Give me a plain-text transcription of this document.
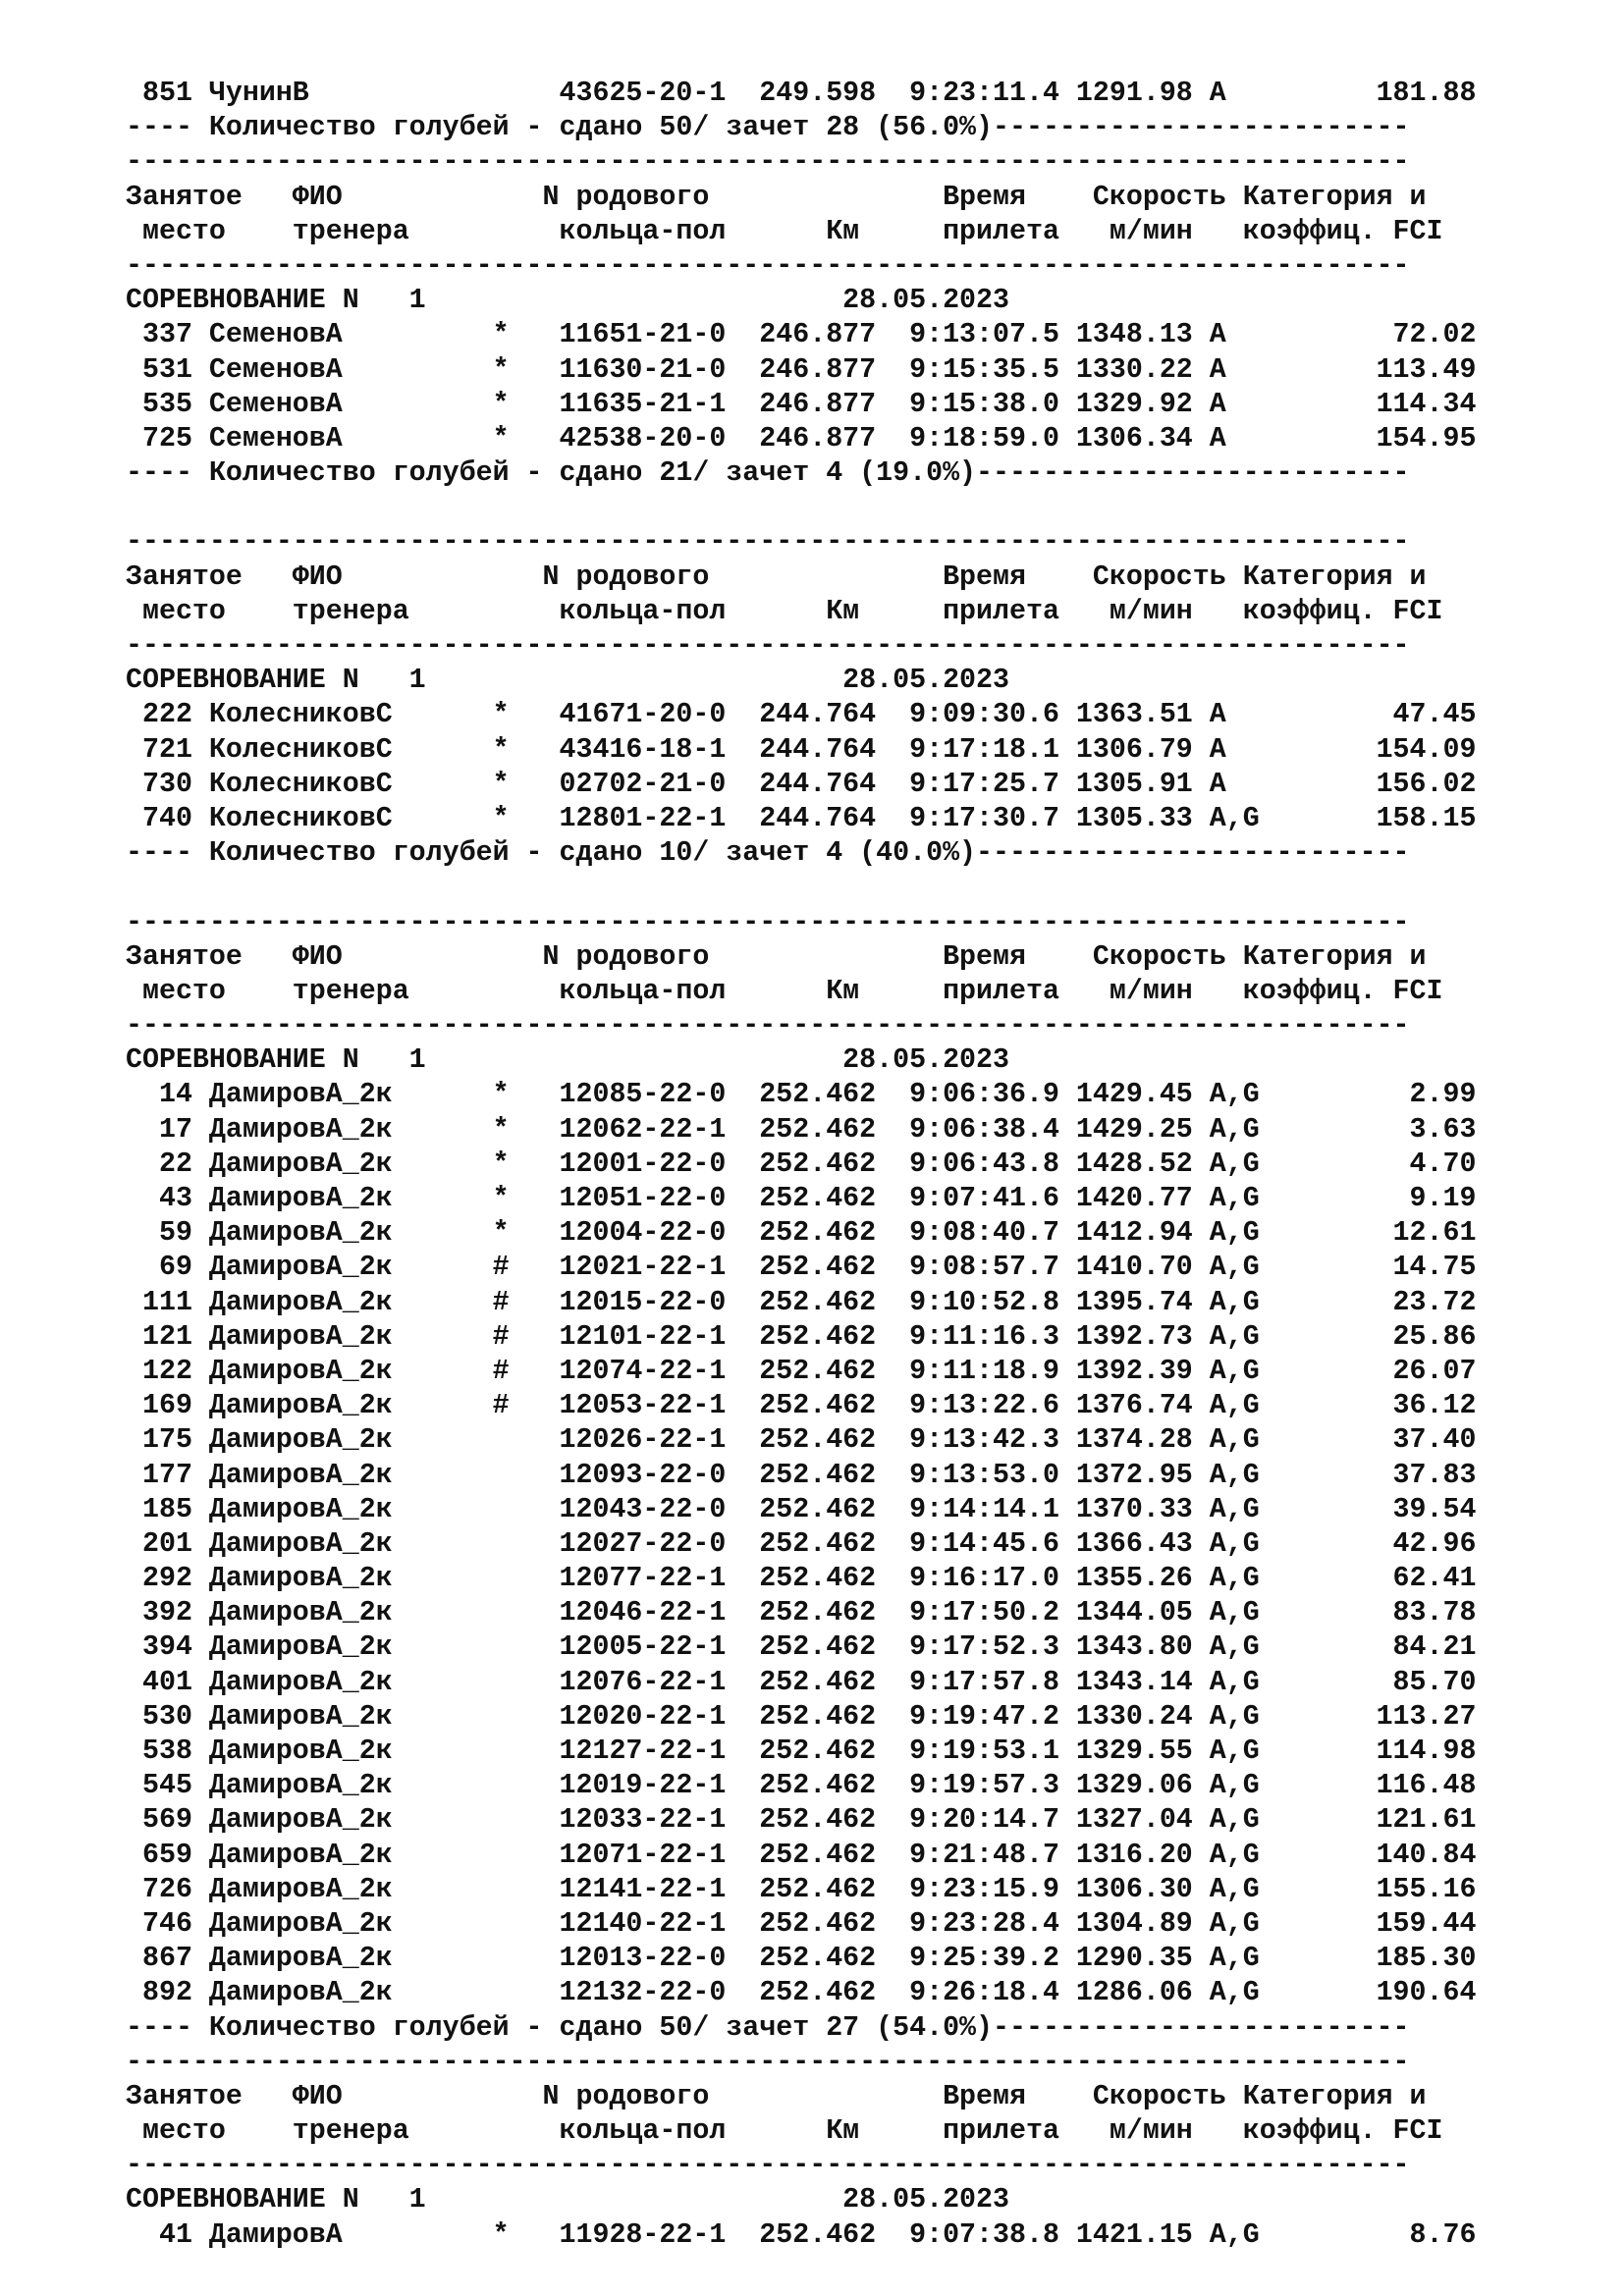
851 ЧунинВ               43625-20-1  249.598  9:23:11.4 1291.98 A         181.88
---- Количество голубей - сдано 50/ зачет 28 (56.0%)-------------------------
-----------------------------------------------------------------------------
Занятое   ФИО            N родового              Время    Скорость Категория и
место    тренера         кольца-пол      Км     прилета   м/мин   коэффиц. FCI
-----------------------------------------------------------------------------
СОРЕВНОВАНИЕ N   1                         28.05.2023
337 СеменовА         *   11651-21-0  246.877  9:13:07.5 1348.13 A          72.02
531 СеменовА         *   11630-21-0  246.877  9:15:35.5 1330.22 A         113.49
535 СеменовА         *   11635-21-1  246.877  9:15:38.0 1329.92 A         114.34
725 СеменовА         *   42538-20-0  246.877  9:18:59.0 1306.34 A         154.95
---- Количество голубей - сдано 21/ зачет 4 (19.0%)--------------------------

-----------------------------------------------------------------------------
Занятое   ФИО            N родового              Время    Скорость Категория и
место    тренера         кольца-пол      Км     прилета   м/мин   коэффиц. FCI
-----------------------------------------------------------------------------
СОРЕВНОВАНИЕ N   1                         28.05.2023
222 КолесниковС      *   41671-20-0  244.764  9:09:30.6 1363.51 A          47.45
721 КолесниковС      *   43416-18-1  244.764  9:17:18.1 1306.79 A         154.09
730 КолесниковС      *   02702-21-0  244.764  9:17:25.7 1305.91 A         156.02
740 КолесниковС      *   12801-22-1  244.764  9:17:30.7 1305.33 A,G       158.15
---- Количество голубей - сдано 10/ зачет 4 (40.0%)--------------------------

-----------------------------------------------------------------------------
Занятое   ФИО            N родового              Время    Скорость Категория и
место    тренера         кольца-пол      Км     прилета   м/мин   коэффиц. FCI
-----------------------------------------------------------------------------
СОРЕВНОВАНИЕ N   1                         28.05.2023
14 ДамировА_2к      *   12085-22-0  252.462  9:06:36.9 1429.45 A,G         2.99
17 ДамировА_2к      *   12062-22-1  252.462  9:06:38.4 1429.25 A,G         3.63
22 ДамировА_2к      *   12001-22-0  252.462  9:06:43.8 1428.52 A,G         4.70
43 ДамировА_2к      *   12051-22-0  252.462  9:07:41.6 1420.77 A,G         9.19
59 ДамировА_2к      *   12004-22-0  252.462  9:08:40.7 1412.94 A,G        12.61
69 ДамировА_2к      #   12021-22-1  252.462  9:08:57.7 1410.70 A,G        14.75
111 ДамировА_2к      #   12015-22-0  252.462  9:10:52.8 1395.74 A,G        23.72
121 ДамировА_2к      #   12101-22-1  252.462  9:11:16.3 1392.73 A,G        25.86
122 ДамировА_2к      #   12074-22-1  252.462  9:11:18.9 1392.39 A,G        26.07
169 ДамировА_2к      #   12053-22-1  252.462  9:13:22.6 1376.74 A,G        36.12
175 ДамировА_2к          12026-22-1  252.462  9:13:42.3 1374.28 A,G        37.40
177 ДамировА_2к          12093-22-0  252.462  9:13:53.0 1372.95 A,G        37.83
185 ДамировА_2к          12043-22-0  252.462  9:14:14.1 1370.33 A,G        39.54
201 ДамировА_2к          12027-22-0  252.462  9:14:45.6 1366.43 A,G        42.96
292 ДамировА_2к          12077-22-1  252.462  9:16:17.0 1355.26 A,G        62.41
392 ДамировА_2к          12046-22-1  252.462  9:17:50.2 1344.05 A,G        83.78
394 ДамировА_2к          12005-22-1  252.462  9:17:52.3 1343.80 A,G        84.21
401 ДамировА_2к          12076-22-1  252.462  9:17:57.8 1343.14 A,G        85.70
530 ДамировА_2к          12020-22-1  252.462  9:19:47.2 1330.24 A,G       113.27
538 ДамировА_2к          12127-22-1  252.462  9:19:53.1 1329.55 A,G       114.98
545 ДамировА_2к          12019-22-1  252.462  9:19:57.3 1329.06 A,G       116.48
569 ДамировА_2к          12033-22-1  252.462  9:20:14.7 1327.04 A,G       121.61
659 ДамировА_2к          12071-22-1  252.462  9:21:48.7 1316.20 A,G       140.84
726 ДамировА_2к          12141-22-1  252.462  9:23:15.9 1306.30 A,G       155.16
746 ДамировА_2к          12140-22-1  252.462  9:23:28.4 1304.89 A,G       159.44
867 ДамировА_2к          12013-22-0  252.462  9:25:39.2 1290.35 A,G       185.30
892 ДамировА_2к          12132-22-0  252.462  9:26:18.4 1286.06 A,G       190.64
---- Количество голубей - сдано 50/ зачет 27 (54.0%)-------------------------
-----------------------------------------------------------------------------
Занятое   ФИО            N родового              Время    Скорость Категория и
место    тренера         кольца-пол      Км     прилета   м/мин   коэффиц. FCI
-----------------------------------------------------------------------------
СОРЕВНОВАНИЕ N   1                         28.05.2023
41 ДамировА         *   11928-22-1  252.462  9:07:38.8 1421.15 A,G         8.76
